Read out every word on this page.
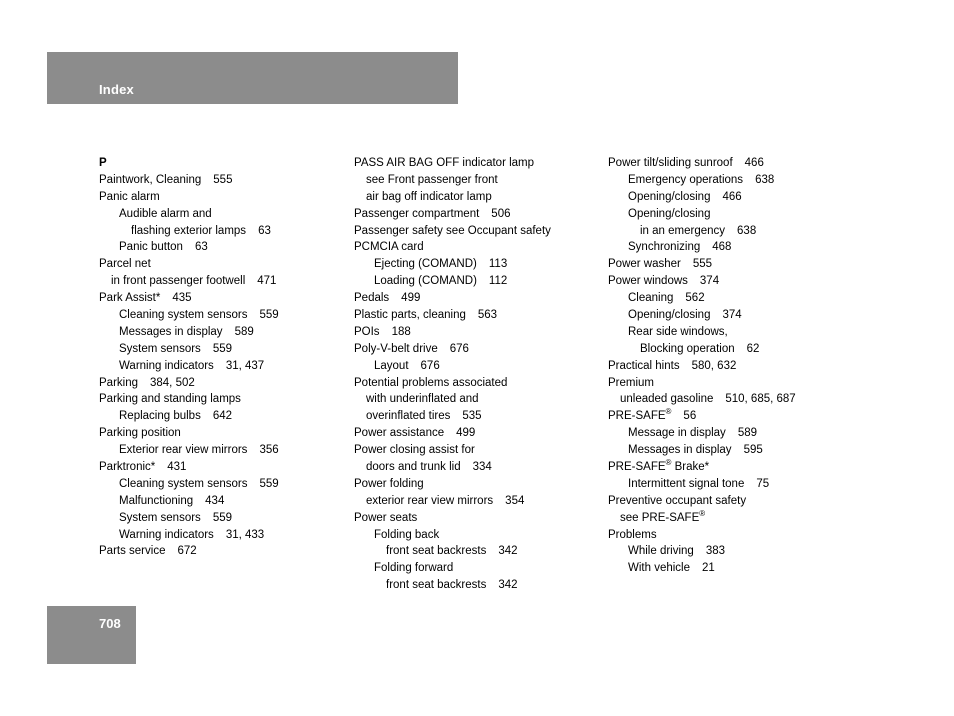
Index
P
Paintwork, Cleaning 555
Panic alarm
Audible alarm and
flashing exterior lamps 63
Panic button 63
Parcel net
in front passenger footwell 471
Park Assist* 435
Cleaning system sensors 559
Messages in display 589
System sensors 559
Warning indicators 31, 437
Parking 384, 502
Parking and standing lamps
Replacing bulbs 642
Parking position
Exterior rear view mirrors 356
Parktronic* 431
Cleaning system sensors 559
Malfunctioning 434
System sensors 559
Warning indicators 31, 433
Parts service 672
PASS AIR BAG OFF indicator lamp
see Front passenger front
air bag off indicator lamp
Passenger compartment 506
Passenger safety see Occupant safety
PCMCIA card
Ejecting (COMAND) 113
Loading (COMAND) 112
Pedals 499
Plastic parts, cleaning 563
POIs 188
Poly-V-belt drive 676
Layout 676
Potential problems associated
with underinflated and
overinflated tires 535
Power assistance 499
Power closing assist for
doors and trunk lid 334
Power folding
exterior rear view mirrors 354
Power seats
Folding back
front seat backrests 342
Folding forward
front seat backrests 342
Power tilt/sliding sunroof 466
Emergency operations 638
Opening/closing 466
Opening/closing
in an emergency 638
Synchronizing 468
Power washer 555
Power windows 374
Cleaning 562
Opening/closing 374
Rear side windows,
Blocking operation 62
Practical hints 580, 632
Premium
unleaded gasoline 510, 685, 687
PRE-SAFE® 56
Message in display 589
Messages in display 595
PRE-SAFE® Brake*
Intermittent signal tone 75
Preventive occupant safety
see PRE-SAFE®
Problems
While driving 383
With vehicle 21
708
